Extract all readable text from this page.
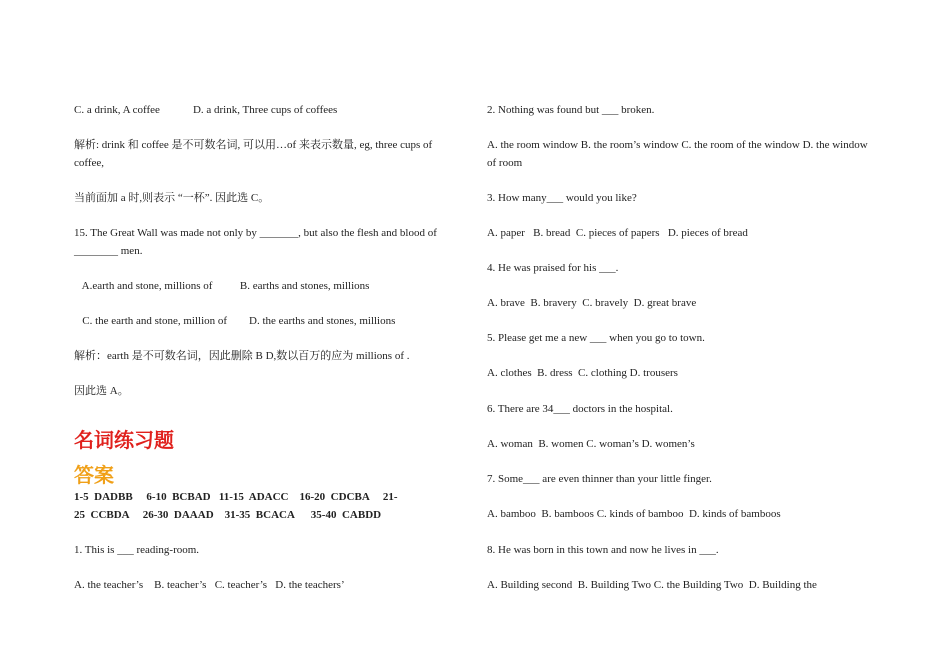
C. a drink, A coffee            D. a drink, Three cups of coffees
解析: drink 和 coffee 是不可数名词, 可以用…of 来表示数量, eg, three cups of coffee,
当前面加 a 时,则表示 “一杯”. 因此选 C。
15. The Great Wall was made not only by _______, but also the flesh and blood of ________ men.
A.earth and stone, millions of          B. earths and stones, millions
C. the earth and stone, million of        D. the earths and stones, millions
解析：earth 是不可数名词，因此删除 B D,数以百万的应为 millions of .
因此选 A。
名词练习题
答案
1-5  DADBB     6-10  BCBAD   11-15  ADACC    16-20  CDCBA     21-
25  CCBDA     26-30  DAAAD    31-35  BCACA      35-40  CABDD
1. This is ___ reading-room.
A. the teacher’s    B. teacher’s   C. teacher’s   D. the teachers’
2. Nothing was found but ___ broken.
A. the room window B. the room’s window C. the room of the window D. the window of room
3. How many___ would you like?
A. paper   B. bread  C. pieces of papers   D. pieces of bread
4. He was praised for his ___.
A. brave  B. bravery  C. bravely  D. great brave
5. Please get me a new ___ when you go to town.
A. clothes  B. dress  C. clothing D. trousers
6. There are 34___ doctors in the hospital.
A. woman  B. women C. woman’s D. women’s
7. Some___ are even thinner than your little finger.
A. bamboo  B. bamboos C. kinds of bamboo  D. kinds of bamboos
8. He was born in this town and now he lives in ___.
A. Building second  B. Building Two C. the Building Two  D. Building the
